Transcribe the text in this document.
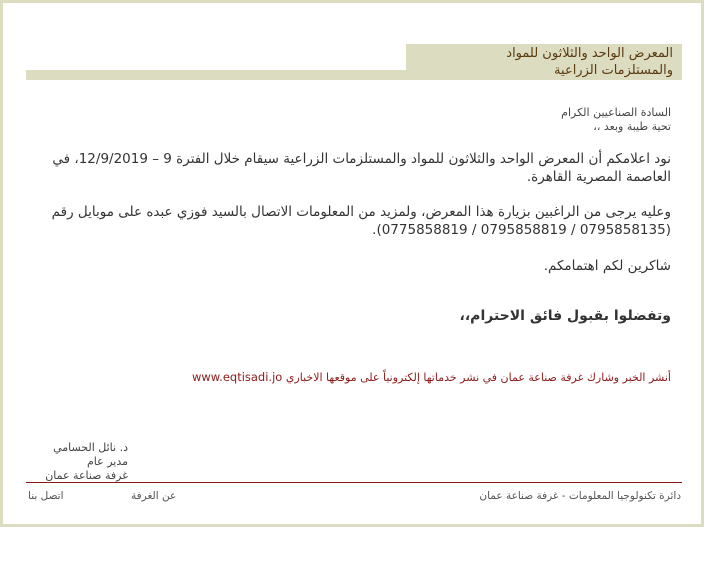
المعرض الواحد والثلاثون للمواد
والمستلزمات الزراعية
السادة الصناعيين الكرام
تحية طيبة وبعد ،،
نود اعلامكم أن المعرض الواحد والثلاثون للمواد والمستلزمات الزراعية سيقام خلال الفترة 9 – 12/9/2019، في العاصمة المصرية القاهرة.
وعليه يرجى من الراغبين بزيارة هذا المعرض، ولمزيد من المعلومات الاتصال بالسيد فوزي عبده على موبايل رقم (0795858135 / 0795858819 / 0775858819).
شاكرين لكم اهتمامكم.
وتفضلوا بقبول فائق الاحترام،،
أنشر الخبر وشارك غرفة صناعة عمان في نشر خدماتها إلكترونياً على موقعها الاخباري www.eqtisadi.jo
د. نائل الحسامي
مدير عام
غرفة صناعة عمان
دائرة تكنولوجيا المعلومات - غرفة صناعة عمان
عن الغرفة
اتصل بنا
